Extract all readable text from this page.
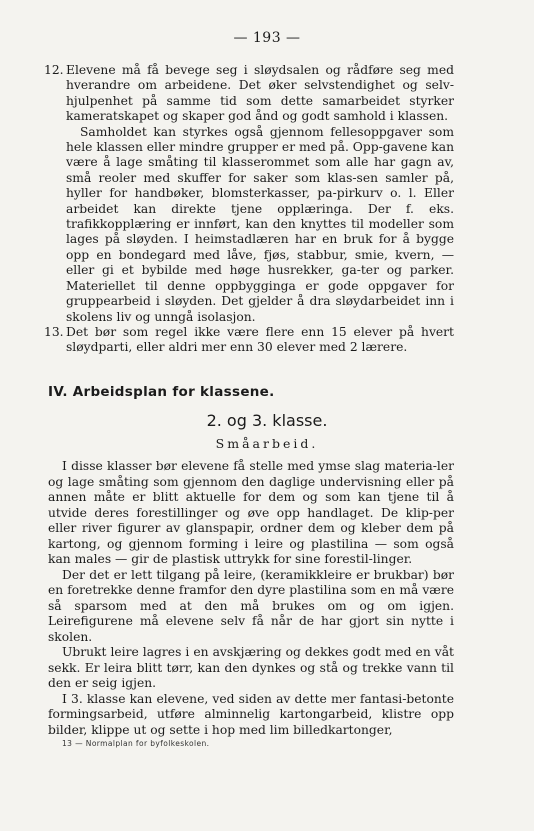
— 193 —
12. Elevene må få bevege seg i sløydsalen og rådføre seg med hverandre om arbeidene. Det øker selvstendighet og selv-hjulpenhet på samme tid som dette samarbeidet styrker kameratskapet og skaper god ånd og godt samhold i klassen.

Samholdet kan styrkes også gjennom fellesoppgaver som hele klassen eller mindre grupper er med på. Opp-gavene kan være å lage småting til klasserommet som alle har gagn av, små reoler med skuffer for saker som klas-sen samler på, hyller for handbøker, blomsterkasser, pa-pirkurv o. l. Eller arbeidet kan direkte tjene opplæringa. Der f. eks. trafikkopplæring er innført, kan den knyttes til modeller som lages på sløyden. I heimstadlæren har en bruk for å bygge opp en bondegard med låve, fjøs, stabbur, smie, kvern, — eller gi et bybilde med høge husrekker, ga-ter og parker. Materiellet til denne oppbygginga er gode oppgaver for gruppearbeid i sløyden. Det gjelder å dra sløydarbeidet inn i skolens liv og unngå isolasjon.

13. Det bør som regel ikke være flere enn 15 elever på hvert sløydparti, eller aldri mer enn 30 elever med 2 lærere.

IV. Arbeidsplan for klassene.
2. og 3. klasse.
Småarbeid.

I disse klasser bør elevene få stelle med ymse slag materia-ler og lage småting som gjennom den daglige undervisning eller på annen måte er blitt aktuelle for dem og som kan tjene til å utvide deres forestillinger og øve opp handlaget. De klip-per eller river figurer av glanspapir, ordner dem og kleber dem på kartong, og gjennom forming i leire og plastilina — som også kan males — gir de plastisk uttrykk for sine forestil-linger.

Der det er lett tilgang på leire, (keramikkleire er brukbar) bør en foretrekke denne framfor den dyre plastilina som en må være så sparsom med at den må brukes om og om igjen. Leirefigurene må elevene selv få når de har gjort sin nytte i skolen.

Ubrukt leire lagres i en avskjæring og dekkes godt med en våt sekk. Er leira blitt tørr, kan den dynkes og stå og trekke vann til den er seig igjen.

I 3. klasse kan elevene, ved siden av dette mer fantasi-betonte formingsarbeid, utføre alminnelig kartongarbeid, klistre opp bilder, klippe ut og sette i hop med lim billedkartonger,

13 — Normalplan for byfolkeskolen.
